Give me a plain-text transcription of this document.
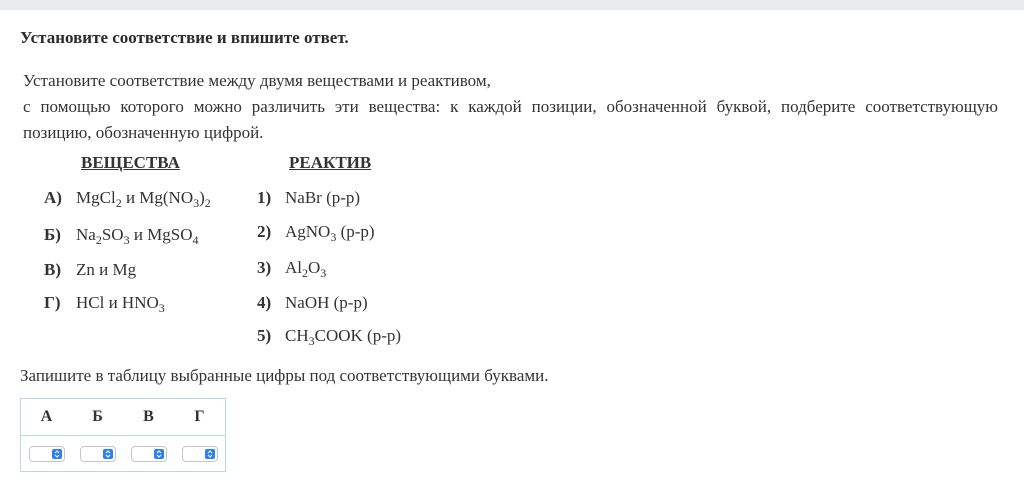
Установите соответствие и впишите ответ.
Установите соответствие между двумя веществами и реактивом,
с помощью которого можно различить эти вещества: к каждой позиции, обозначенной буквой, подберите соответствующую
позицию, обозначенную цифрой.
ВЕЩЕСТВА	РЕАКТИВ
А) MgCl$_2$ и $Mg(NO_3)_2$
Б) $Na_2SO_3$ и MgSO$_4$
В) Zn и Mg
Г) HCl и $HNO_3$
1) NaBr (р-р)
2) AgNO$_3$ (р-р)
3) $Al_2O_3$
4) NaOH (р-р)
5) $CH_3COOK$ (р-р)
Запишите в таблицу выбранные цифры под соответствующими буквами.
А	Б	В	Г
